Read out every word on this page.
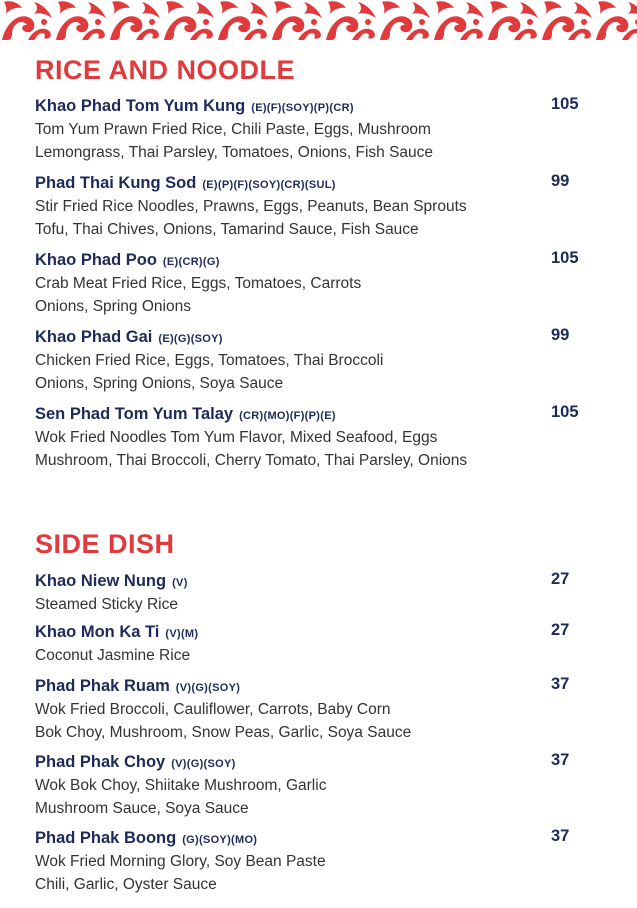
RICE AND NOODLE
Khao Phad Tom Yum Kung (E)(F)(SOY)(P)(CR)	105
Tom Yum Prawn Fried Rice, Chili Paste, Eggs, Mushroom
Lemongrass, Thai Parsley, Tomatoes, Onions, Fish Sauce
Phad Thai Kung Sod (E)(P)(F)(SOY)(CR)(SUL)	99
Stir Fried Rice Noodles, Prawns, Eggs, Peanuts, Bean Sprouts
Tofu, Thai Chives, Onions, Tamarind Sauce, Fish Sauce
Khao Phad Poo (E)(CR)(G)	105
Crab Meat Fried Rice, Eggs, Tomatoes, Carrots
Onions, Spring Onions
Khao Phad Gai (E)(G)(SOY)	99
Chicken Fried Rice, Eggs, Tomatoes, Thai Broccoli
Onions, Spring Onions, Soya Sauce
Sen Phad Tom Yum Talay (CR)(MO)(F)(P)(E)	105
Wok Fried Noodles Tom Yum Flavor, Mixed Seafood, Eggs
Mushroom, Thai Broccoli, Cherry Tomato, Thai Parsley, Onions
SIDE DISH
Khao Niew Nung (V)	27
Steamed Sticky Rice
Khao Mon Ka Ti (V)(M)	27
Coconut Jasmine Rice
Phad Phak Ruam (V)(G)(SOY)	37
Wok Fried Broccoli, Cauliflower, Carrots, Baby Corn
Bok Choy, Mushroom, Snow Peas, Garlic, Soya Sauce
Phad Phak Choy (V)(G)(SOY)	37
Wok Bok Choy, Shiitake Mushroom, Garlic
Mushroom Sauce, Soya Sauce
Phad Phak Boong (G)(SOY)(MO)	37
Wok Fried Morning Glory, Soy Bean Paste
Chili, Garlic, Oyster Sauce
